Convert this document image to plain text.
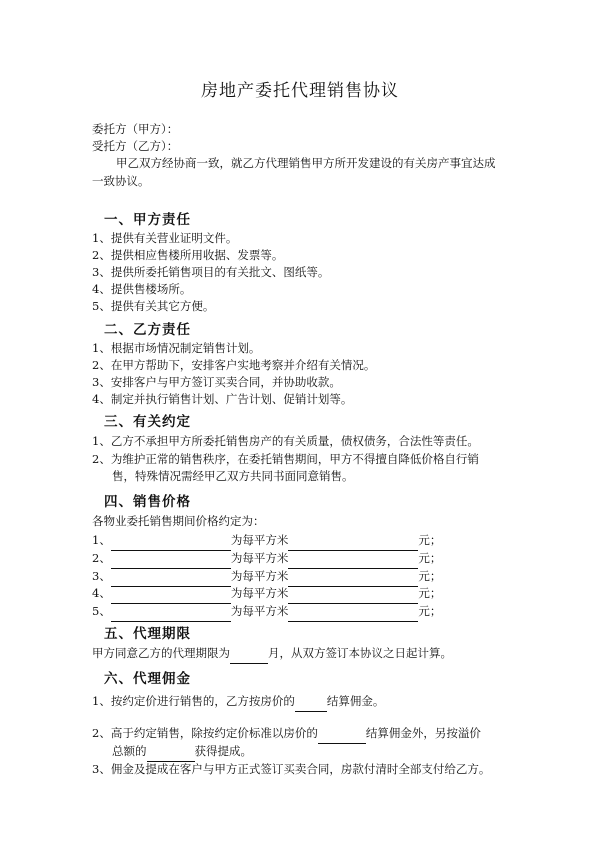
房地产委托代理销售协议
委托方（甲方）：
受托方（乙方）：
甲乙双方经协商一致，就乙方代理销售甲方所开发建设的有关房产事宜达成
一致协议。
一、甲方责任
1、提供有关营业证明文件。
2、提供相应售楼所用收据、发票等。
3、提供所委托销售项目的有关批文、图纸等。
4、提供售楼场所。
5、提供有关其它方便。
二、乙方责任
1、根据市场情况制定销售计划。
2、在甲方帮助下，安排客户实地考察并介绍有关情况。
3、安排客户与甲方签订买卖合同，并协助收款。
4、制定并执行销售计划、广告计划、促销计划等。
三、有关约定
1、乙方不承担甲方所委托销售房产的有关质量，债权债务，合法性等责任。
2、为维护正常的销售秩序，在委托销售期间，甲方不得擅自降低价格自行销
售，特殊情况需经甲乙双方共同书面同意销售。
四、销售价格
各物业委托销售期间价格约定为：
1、	为每平方米	元；
2、	为每平方米	元；
3、	为每平方米	元；
4、	为每平方米	元；
5、	为每平方米	元；
五、代理期限
甲方同意乙方的代理期限为	月，从双方签订本协议之日起计算。
六、代理佣金
1、按约定价进行销售的，乙方按房价的	结算佣金。
2、高于约定销售，除按约定价标准以房价的	结算佣金外，另按溢价
总额的	获得提成。
3、佣金及提成在客户与甲方正式签订买卖合同，房款付清时全部支付给乙方。
